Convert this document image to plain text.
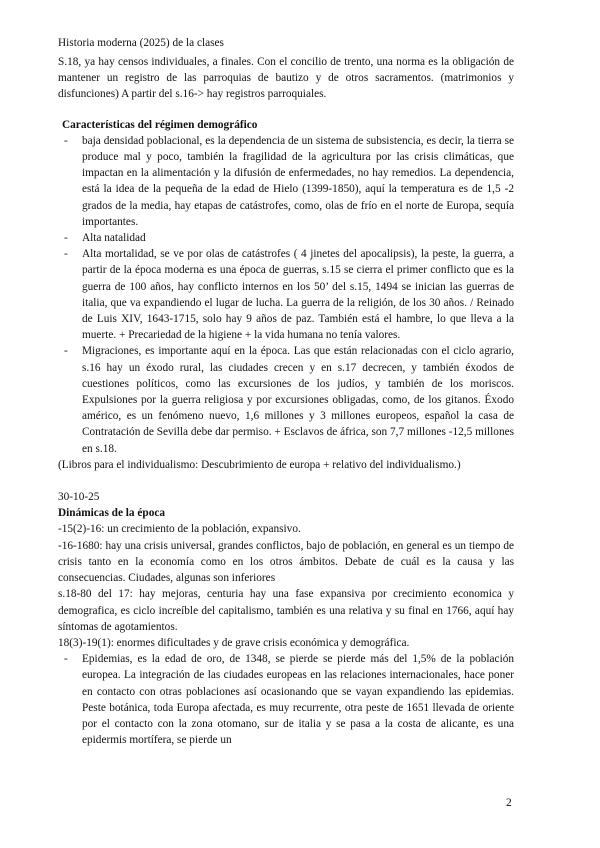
Historia moderna (2025) de la clases

S.18, ya hay censos individuales, a finales. Con el concilio de trento, una norma es la obligación de mantener un registro de las parroquias de bautizo y de otros sacramentos. (matrimonios y disfunciones) A partir del s.16-> hay registros parroquiales.

Características del régimen demográfico

- baja densidad poblacional, es la dependencia de un sistema de subsistencia, es decir, la tierra se produce mal y poco, también la fragilidad de la agricultura por las crisis climáticas, que impactan en la alimentación y la difusión de enfermedades, no hay remedios. La dependencia, está la idea de la pequeña de la edad de Hielo (1399-1850), aquí la temperatura es de 1,5 -2 grados de la media, hay etapas de catástrofes, como, olas de frío en el norte de Europa, sequía importantes.
- Alta natalidad
- Alta mortalidad, se ve por olas de catástrofes ( 4 jinetes del apocalipsis), la peste, la guerra, a partir de la época moderna es una época de guerras, s.15 se cierra el primer conflicto que es la guerra de 100 años, hay conflicto internos en los 50’ del s.15, 1494 se inician las guerras de italia, que va expandiendo el lugar de lucha. La guerra de la religión, de los 30 años. / Reinado de Luis XIV, 1643-1715, solo hay 9 años de paz. También está el hambre, lo que lleva a la muerte. + Precariedad de la higiene + la vida humana no tenía valores.
- Migraciones, es importante aquí en la época. Las que están relacionadas con el ciclo agrario, s.16 hay un éxodo rural, las ciudades crecen y en s.17 decrecen, y también éxodos de cuestiones políticos, como las excursiones de los judíos, y también de los moriscos. Expulsiones por la guerra religiosa y por excursiones obligadas, como, de los gitanos. Éxodo américo, es un fenómeno nuevo, 1,6 millones y 3 millones europeos, español la casa de Contratación de Sevilla debe dar permiso. + Esclavos de áfrica, son 7,7 millones -12,5 millones en s.18.

(Libros para el individualismo: Descubrimiento de europa + relativo del individualismo.)

30-10-25

Dinámicas de la época

-15(2)-16: un crecimiento de la población, expansivo.

-16-1680: hay una crisis universal, grandes conflictos, bajo de población, en general es un tiempo de crisis tanto en la economía como en los otros ámbitos. Debate de cuál es la causa y las consecuencias. Ciudades, algunas son inferiores

s.18-80 del 17: hay mejoras, centuria hay una fase expansiva por crecimiento economica y demografica, es ciclo increíble del capitalismo, también es una relativa y su final en 1766, aquí hay síntomas de agotamientos.

18(3)-19(1): enormes dificultades y de grave crisis económica y demográfica.

- Epidemias, es la edad de oro, de 1348, se pierde se pierde más del 1,5% de la población europea. La integración de las ciudades europeas en las relaciones internacionales, hace poner en contacto con otras poblaciones así ocasionando que se vayan expandiendo las epidemias. Peste botánica, toda Europa afectada, es muy recurrente, otra peste de 1651 llevada de oriente por el contacto con la zona otomano, sur de italia y se pasa a la costa de alicante, es una epidermis mortífera, se pierde un
2
